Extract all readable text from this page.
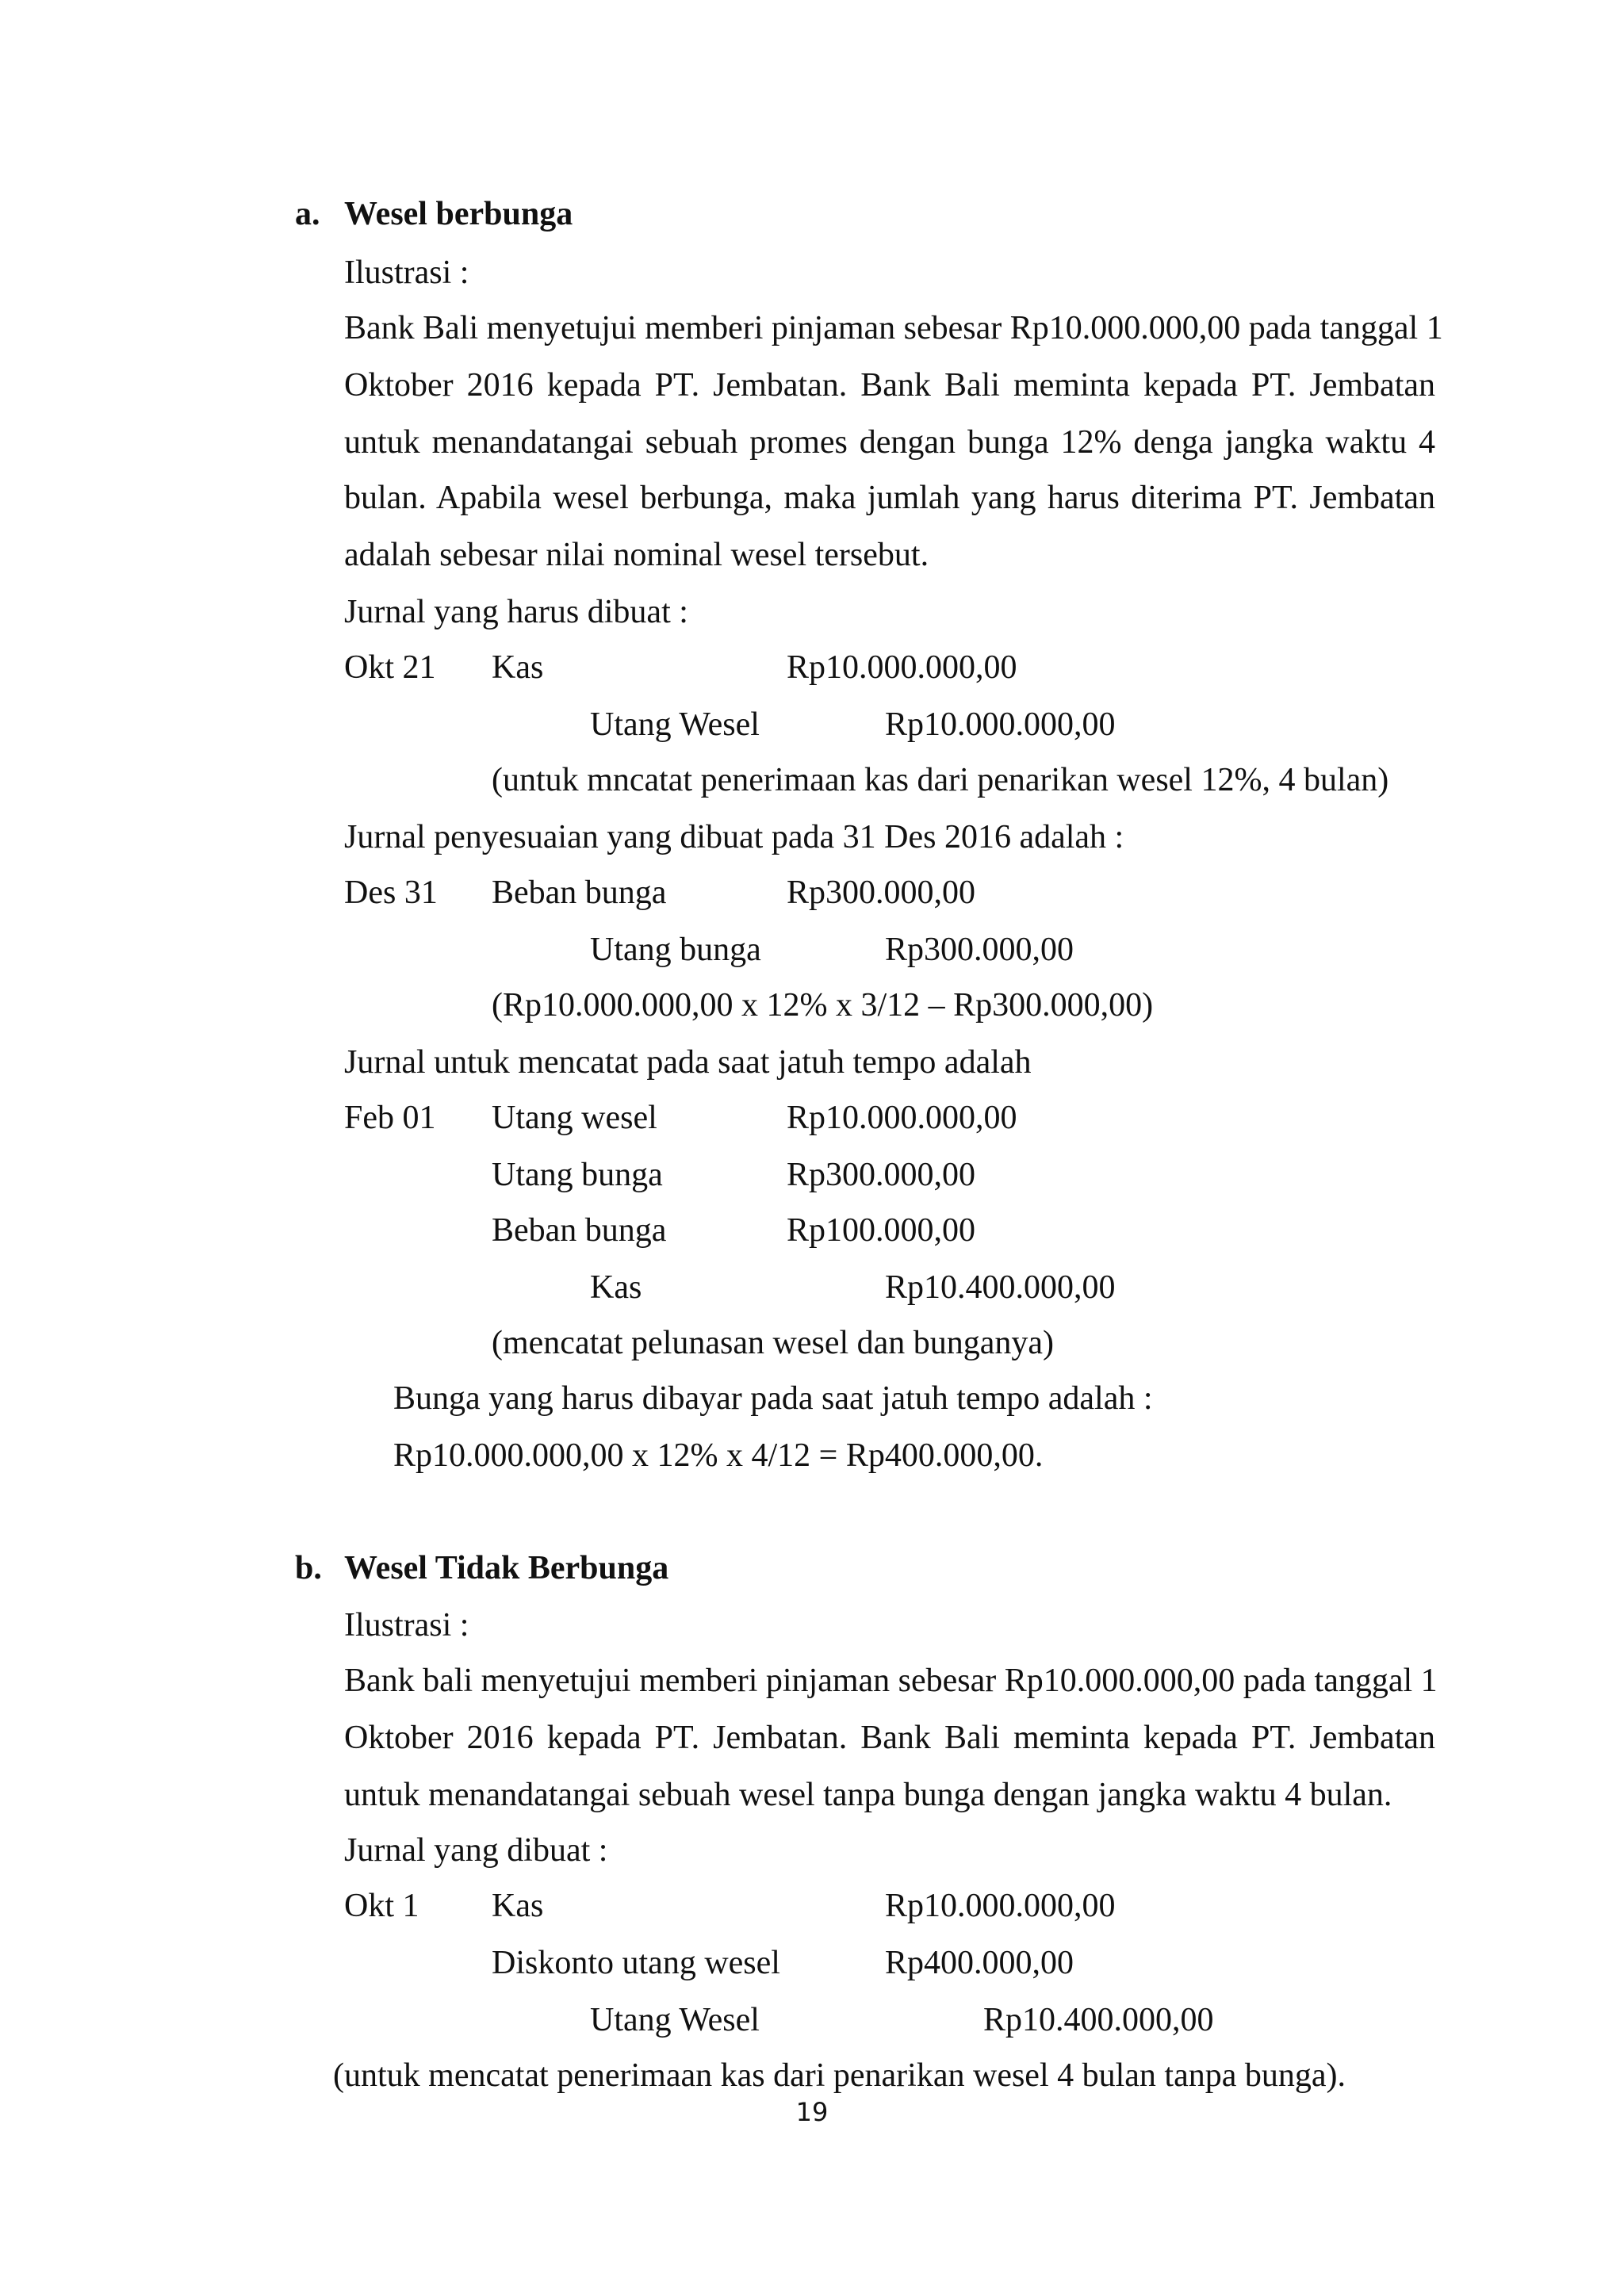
a. Wesel berbunga
Ilustrasi :
Bank Bali menyetujui memberi pinjaman sebesar Rp10.000.000,00 pada tanggal 1
Oktober 2016 kepada PT. Jembatan. Bank Bali meminta kepada PT. Jembatan
untuk menandatangai sebuah promes dengan bunga 12% denga jangka waktu 4
bulan. Apabila wesel berbunga, maka jumlah yang harus diterima PT. Jembatan
adalah sebesar nilai nominal wesel tersebut.
Jurnal yang harus dibuat :
Okt 21 Kas	Rp10.000.000,00
Utang Wesel	Rp10.000.000,00
(untuk mncatat penerimaan kas dari penarikan wesel 12%, 4 bulan)
Jurnal penyesuaian yang dibuat pada 31 Des 2016 adalah :
Des 31 Beban bunga	Rp300.000,00
Utang bunga	Rp300.000,00
(Rp10.000.000,00 x 12% x 3/12 – Rp300.000,00)
Jurnal untuk mencatat pada saat jatuh tempo adalah
Feb 01 Utang wesel	Rp10.000.000,00
Utang bunga	Rp300.000,00
Beban bunga	Rp100.000,00
Kas	Rp10.400.000,00
(mencatat pelunasan wesel dan bunganya)
Bunga yang harus dibayar pada saat jatuh tempo adalah :
Rp10.000.000,00 x 12% x 4/12 = Rp400.000,00.
b. Wesel Tidak Berbunga
Ilustrasi :
Bank bali menyetujui memberi pinjaman sebesar Rp10.000.000,00 pada tanggal 1
Oktober 2016 kepada PT. Jembatan. Bank Bali meminta kepada PT. Jembatan
untuk menandatangai sebuah wesel tanpa bunga dengan jangka waktu 4 bulan.
Jurnal yang dibuat :
Okt 1 Kas	Rp10.000.000,00
Diskonto utang wesel	Rp400.000,00
Utang Wesel	Rp10.400.000,00
(untuk mencatat penerimaan kas dari penarikan wesel 4 bulan tanpa bunga).
19
